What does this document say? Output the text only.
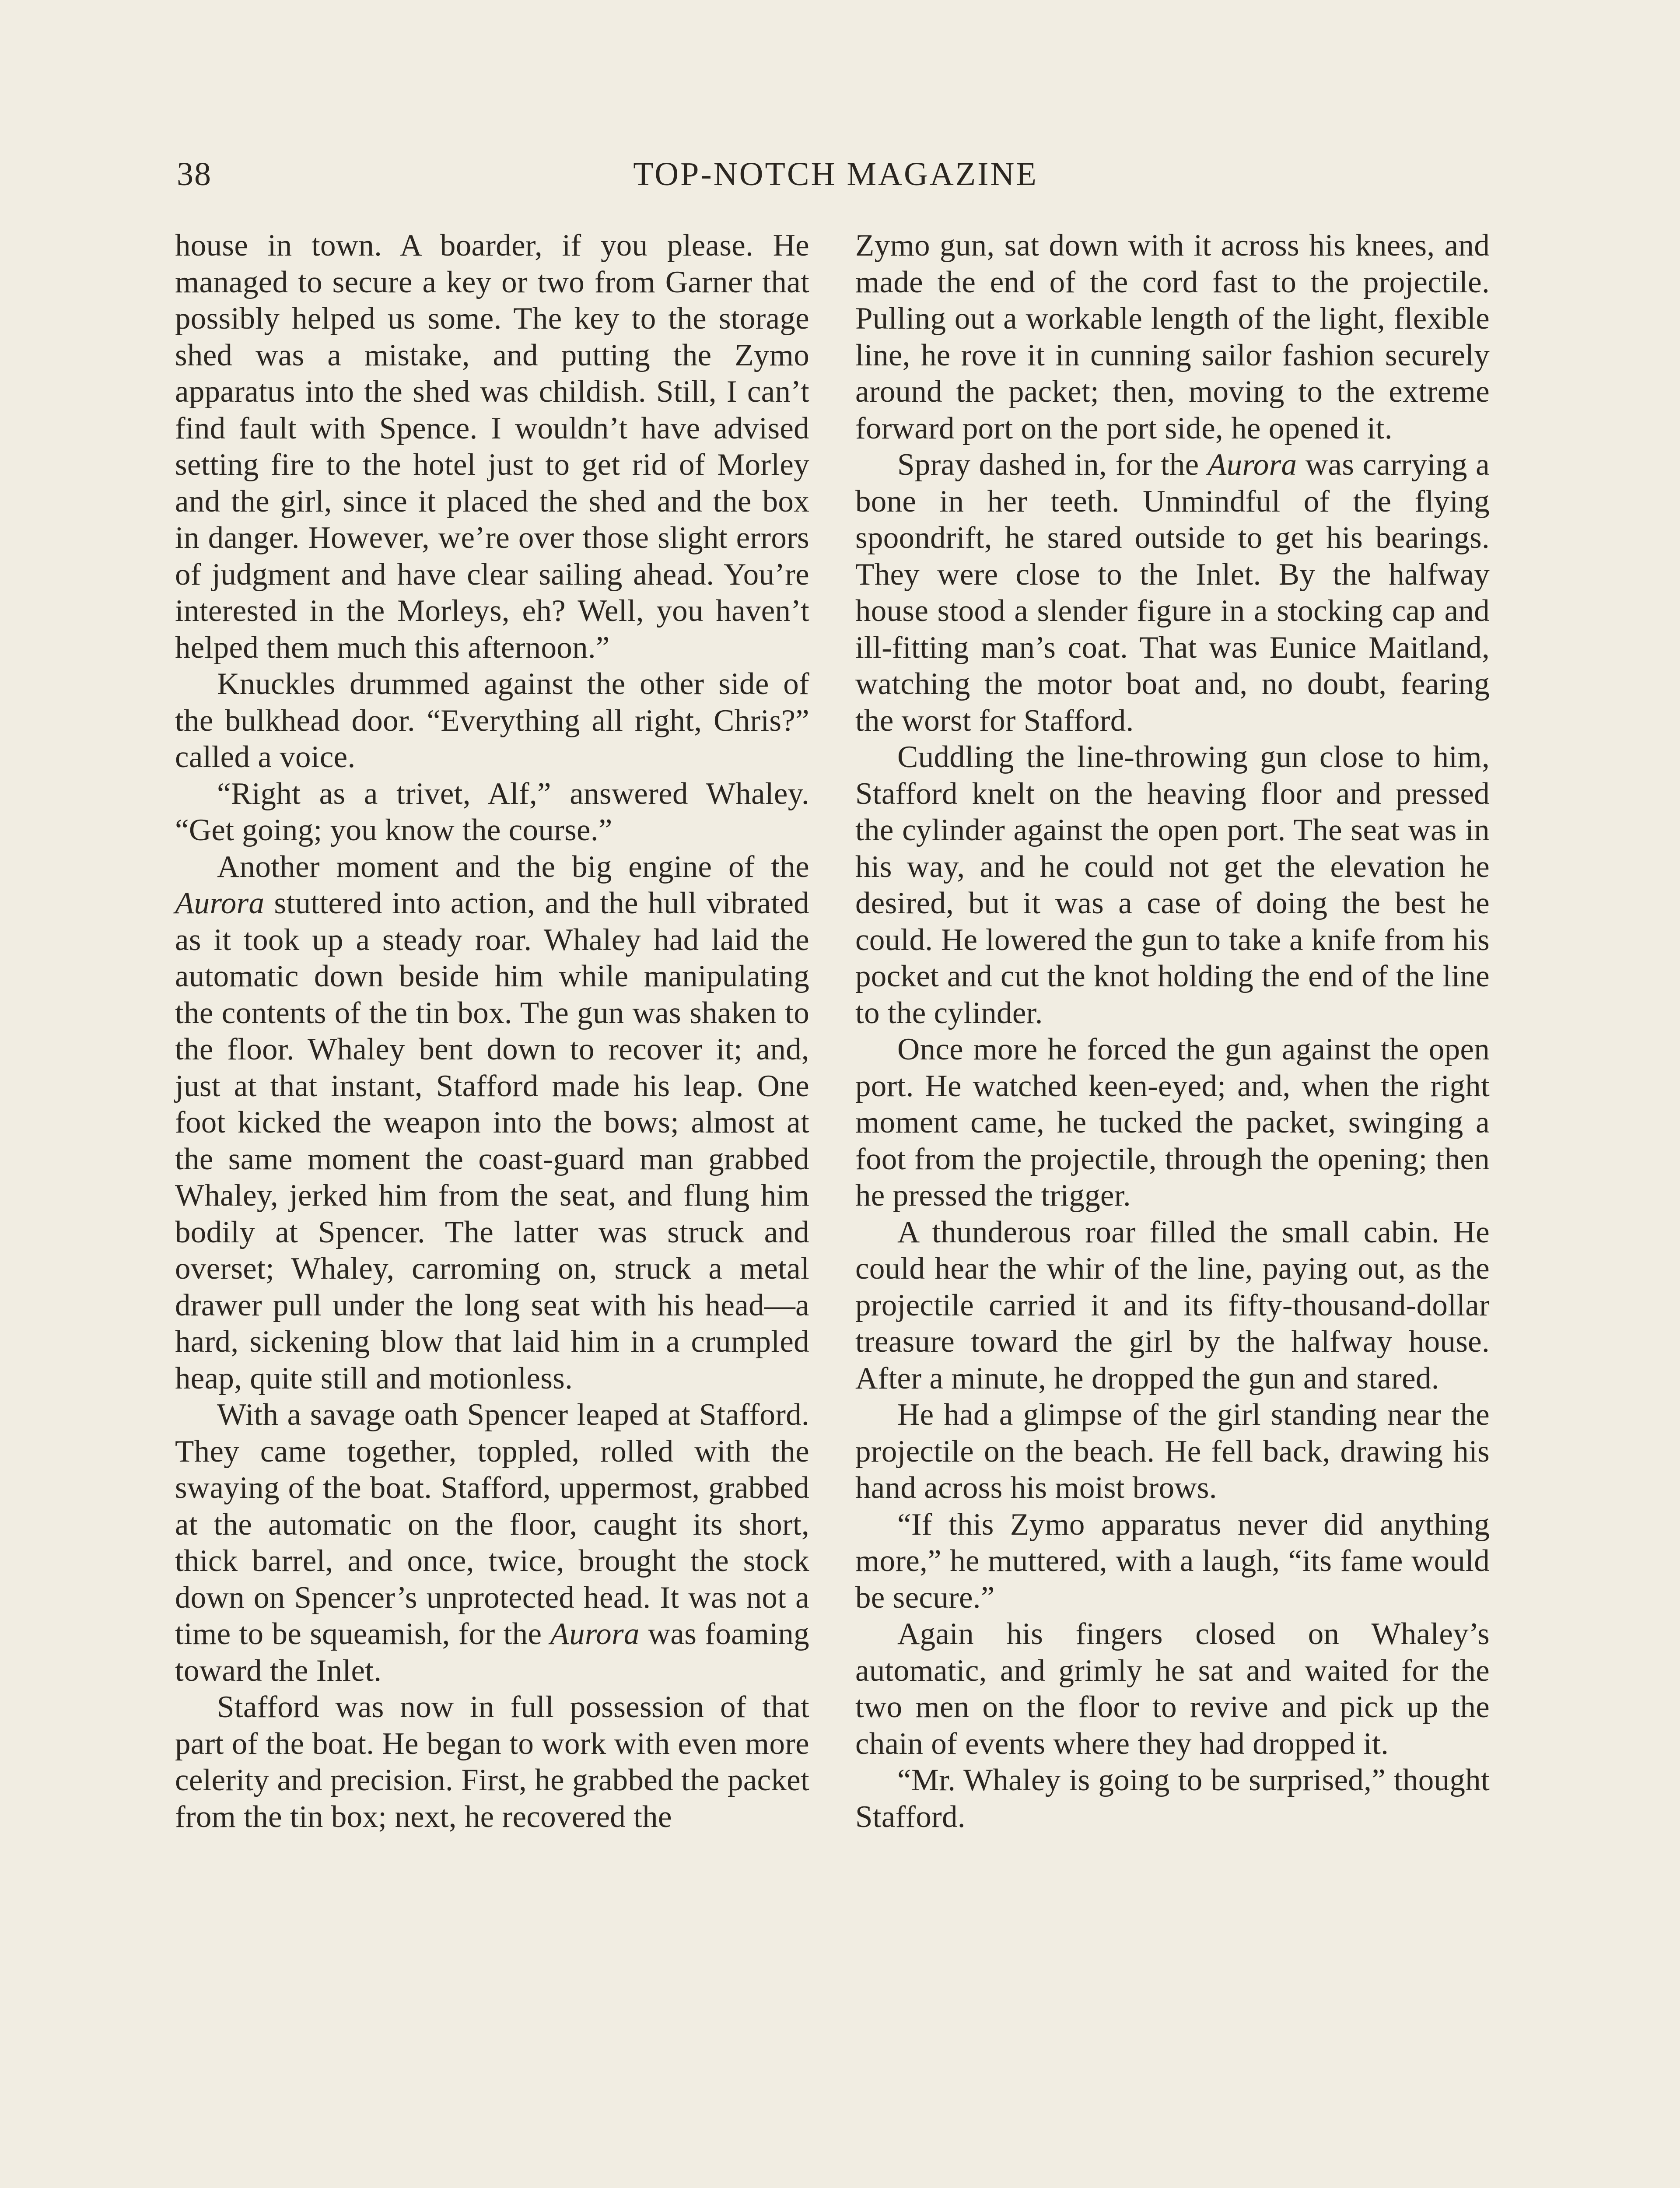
38	TOP-NOTCH MAGAZINE

house in town. A boarder, if you please. He managed to secure a key or two from Garner that possibly helped us some. The key to the storage shed was a mistake, and putting the Zymo apparatus into the shed was childish. Still, I can’t find fault with Spence. I wouldn’t have advised setting fire to the hotel just to get rid of Morley and the girl, since it placed the shed and the box in danger. However, we’re over those slight errors of judgment and have clear sailing ahead. You’re interested in the Morleys, eh? Well, you haven’t helped them much this afternoon.”

Knuckles drummed against the other side of the bulkhead door. “Everything all right, Chris?” called a voice.

“Right as a trivet, Alf,” answered Whaley. “Get going; you know the course.”

Another moment and the big engine of the Aurora stuttered into action, and the hull vibrated as it took up a steady roar. Whaley had laid the automatic down beside him while manipulating the contents of the tin box. The gun was shaken to the floor. Whaley bent down to recover it; and, just at that instant, Stafford made his leap. One foot kicked the weapon into the bows; almost at the same moment the coast-guard man grabbed Whaley, jerked him from the seat, and flung him bodily at Spencer. The latter was struck and overset; Whaley, carroming on, struck a metal drawer pull under the long seat with his head—a hard, sickening blow that laid him in a crumpled heap, quite still and motionless.

With a savage oath Spencer leaped at Stafford. They came together, toppled, rolled with the swaying of the boat. Stafford, uppermost, grabbed at the automatic on the floor, caught its short, thick barrel, and once, twice, brought the stock down on Spencer’s unprotected head. It was not a time to be squeamish, for the Aurora was foaming toward the Inlet.

Stafford was now in full possession of that part of the boat. He began to work with even more celerity and precision. First, he grabbed the packet from the tin box; next, he recovered the

Zymo gun, sat down with it across his knees, and made the end of the cord fast to the projectile. Pulling out a workable length of the light, flexible line, he rove it in cunning sailor fashion securely around the packet; then, moving to the extreme forward port on the port side, he opened it.

Spray dashed in, for the Aurora was carrying a bone in her teeth. Unmindful of the flying spoondrift, he stared outside to get his bearings. They were close to the Inlet. By the halfway house stood a slender figure in a stocking cap and ill-fitting man’s coat. That was Eunice Maitland, watching the motor boat and, no doubt, fearing the worst for Stafford.

Cuddling the line-throwing gun close to him, Stafford knelt on the heaving floor and pressed the cylinder against the open port. The seat was in his way, and he could not get the elevation he desired, but it was a case of doing the best he could. He lowered the gun to take a knife from his pocket and cut the knot holding the end of the line to the cylinder.

Once more he forced the gun against the open port. He watched keen-eyed; and, when the right moment came, he tucked the packet, swinging a foot from the projectile, through the opening; then he pressed the trigger.

A thunderous roar filled the small cabin. He could hear the whir of the line, paying out, as the projectile carried it and its fifty-thousand-dollar treasure toward the girl by the halfway house. After a minute, he dropped the gun and stared.

He had a glimpse of the girl standing near the projectile on the beach. He fell back, drawing his hand across his moist brows.

“If this Zymo apparatus never did anything more,” he muttered, with a laugh, “its fame would be secure.”

Again his fingers closed on Whaley’s automatic, and grimly he sat and waited for the two men on the floor to revive and pick up the chain of events where they had dropped it.

“Mr. Whaley is going to be surprised,” thought Stafford.
